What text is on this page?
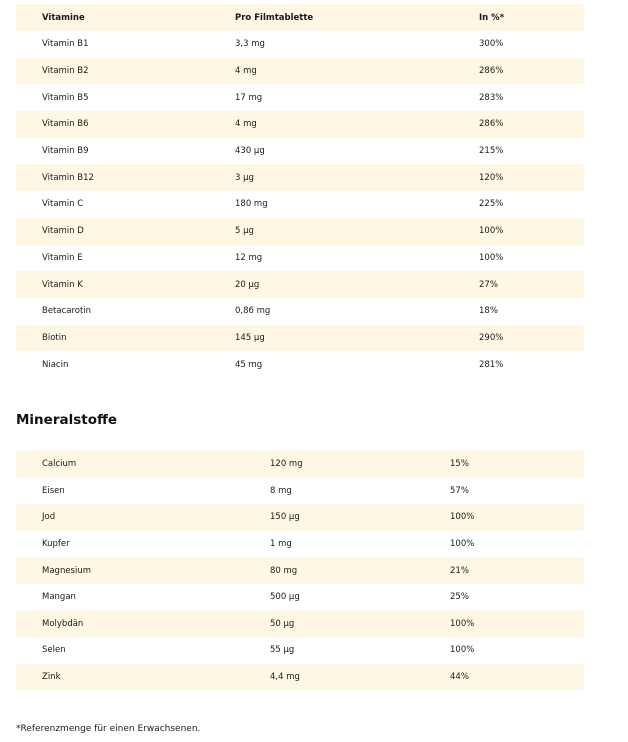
Vitamine	Pro Filmtablette	In %*
Vitamin B1	3,3 mg	300%
Vitamin B2	4 mg	286%
Vitamin B5	17 mg	283%
Vitamin B6	4 mg	286%
Vitamin B9	430 µg	215%
Vitamin B12	3 µg	120%
Vitamin C	180 mg	225%
Vitamin D	5 µg	100%
Vitamin E	12 mg	100%
Vitamin K	20 µg	27%
Betacarotin	0,86 mg	18%
Biotin	145 µg	290%
Niacin	45 mg	281%
Mineralstoffe
Calcium	120 mg	15%
Eisen	8 mg	57%
Jod	150 µg	100%
Kupfer	1 mg	100%
Magnesium	80 mg	21%
Mangan	500 µg	25%
Molybdän	50 µg	100%
Selen	55 µg	100%
Zink	4,4 mg	44%
*Referenzmenge für einen Erwachsenen.
